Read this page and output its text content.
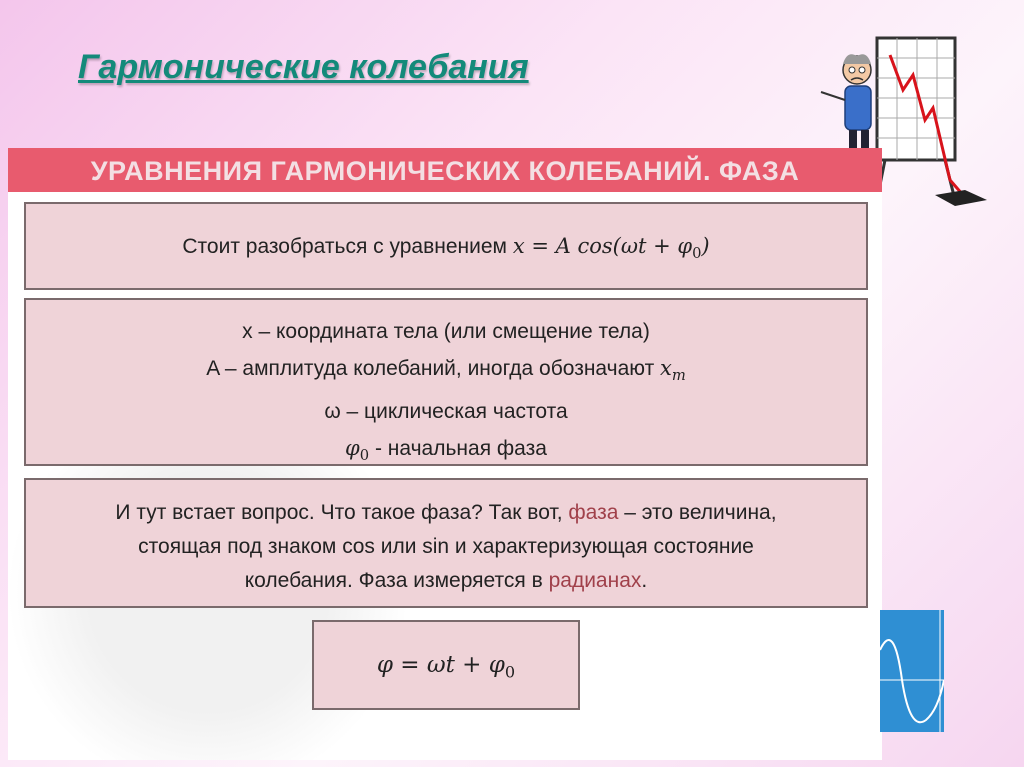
Гармонические колебания
УРАВНЕНИЯ ГАРМОНИЧЕСКИХ КОЛЕБАНИЙ. ФАЗА
Стоит разобраться с уравнением x = A $\cos(\omega t + \varphi_0)$
x – координата тела (или смещение тела)
A – амплитуда колебаний, иногда обозначают $x_m$
ω – циклическая частота
$\varphi_0$ - начальная фаза
И тут встает вопрос. Что такое фаза? Так вот, фаза – это величина,
стоящая под знаком cos или sin и характеризующая состояние
колебания. Фаза измеряется в радианах.
$\varphi = \omega t + \varphi_0$
